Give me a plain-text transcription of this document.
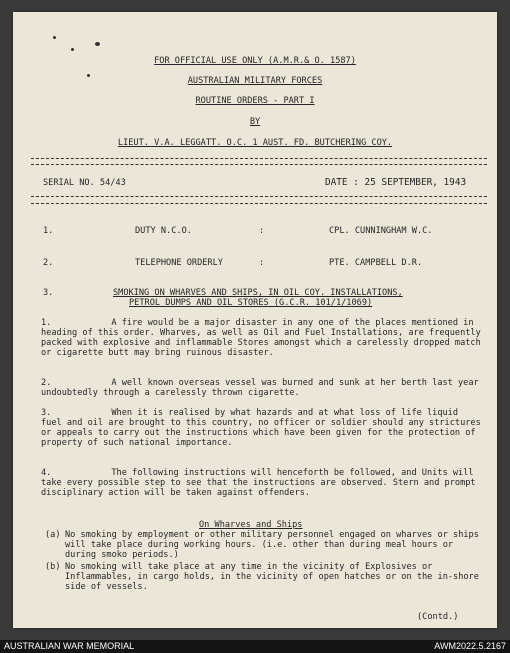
FOR OFFICIAL USE ONLY (A.M.R.& O. 1587)
AUSTRALIAN MILITARY FORCES
ROUTINE ORDERS - PART I
BY
LIEUT. V.A. LEGGATT. O.C. 1 AUST. FD. BUTCHERING COY.
SERIAL NO. 54/43	DATE : 25 SEPTEMBER, 1943
1.	DUTY N.C.O.	:	CPL. CUNNINGHAM W.C.
2.	TELEPHONE ORDERLY	:	PTE. CAMPBELL D.R.
3.	SMOKING ON WHARVES AND SHIPS, IN OIL COY. INSTALLATIONS,
PETROL DUMPS AND OIL STORES (G.C.R. 101/1/1069)
1.	A fire would be a major disaster in any one of the places mentioned in heading of this order. Wharves, as well as Oil and Fuel Installations, are frequently packed with explosive and inflammable Stores amongst which a carelessly dropped match or cigarette butt may bring ruinous disaster.
2.	A well known overseas vessel was burned and sunk at her berth last year undoubtedly through a carelessly thrown cigarette.
3.	When it is realised by what hazards and at what loss of life liquid fuel and oil are brought to this country, no officer or soldier should any strictures or appeals to carry out the instructions which have been given for the protection of property of such national importance.
4.	The following instructions will henceforth be followed, and Units will take every possible step to see that the instructions are observed. Stern and prompt disciplinary action will be taken against offenders.
On Wharves and Ships
(a) No smoking by employment or other military personnel engaged on wharves or ships will take place during working hours. (i.e. other than during meal hours or during smoko periods.)
(b) No smoking will take place at any time in the vicinity of Explosives or Inflammables, in cargo holds, in the vicinity of open hatches or on the in-shore side of vessels.
(Contd.)
AUSTRALIAN WAR MEMORIAL	AWM2022.5.2167
